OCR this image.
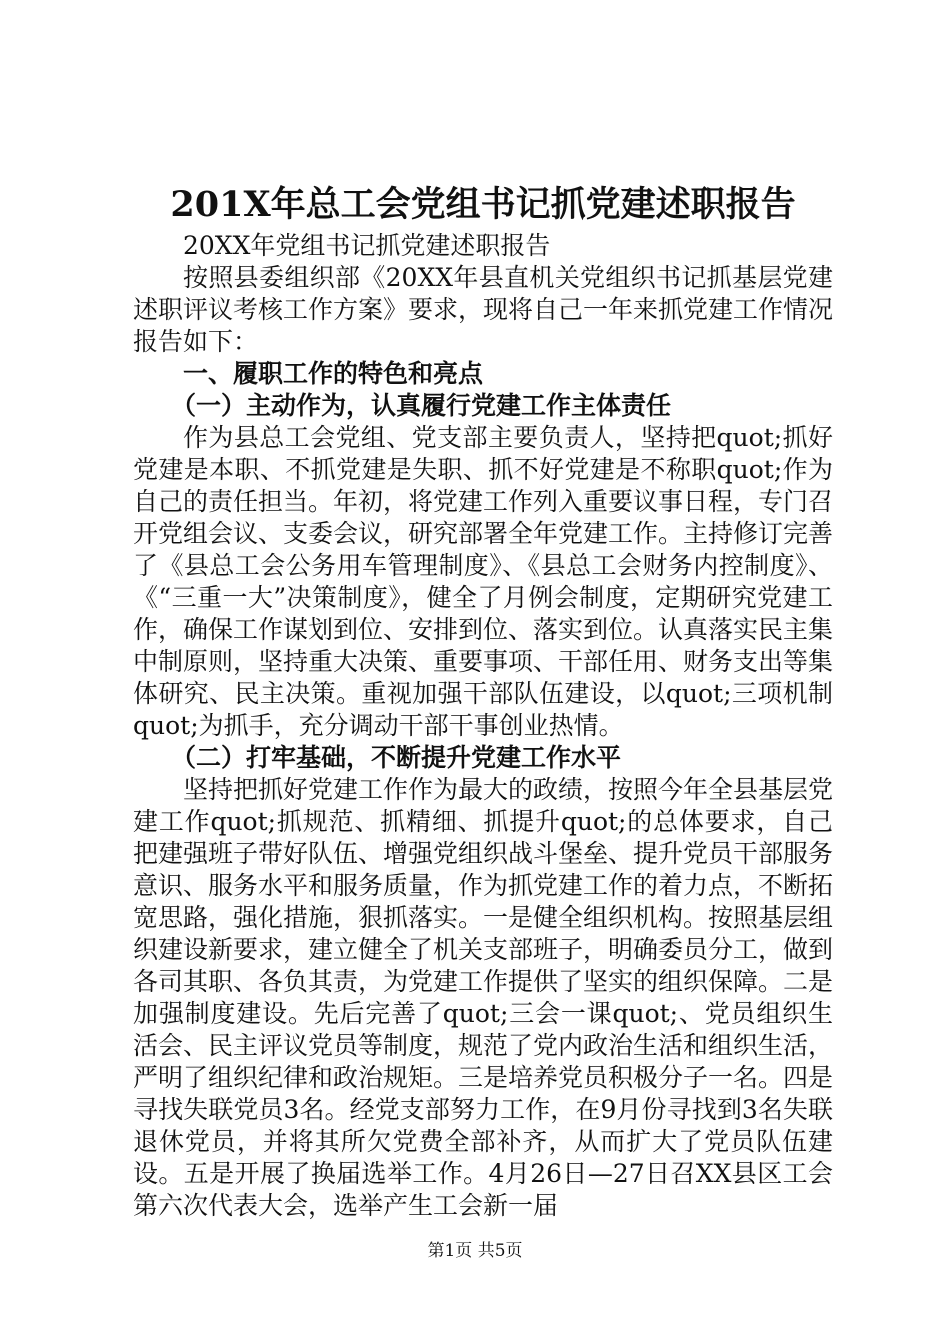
201X年总工会党组书记抓党建述职报告

20XX年党组书记抓党建述职报告

按照县委组织部《20XX年县直机关党组织书记抓基层党建述职评议考核工作方案》要求，现将自己一年来抓党建工作情况报告如下：

一、履职工作的特色和亮点

（一）主动作为，认真履行党建工作主体责任

作为县总工会党组、党支部主要负责人，坚持把quot;抓好党建是本职、不抓党建是失职、抓不好党建是不称职quot;作为自己的责任担当。年初，将党建工作列入重要议事日程，专门召开党组会议、支委会议，研究部署全年党建工作。主持修订完善了《县总工会公务用车管理制度》、《县总工会财务内控制度》、《“三重一大”决策制度》，健全了月例会制度，定期研究党建工作，确保工作谋划到位、安排到位、落实到位。认真落实民主集中制原则，坚持重大决策、重要事项、干部任用、财务支出等集体研究、民主决策。重视加强干部队伍建设，以quot;三项机制quot;为抓手，充分调动干部干事创业热情。

（二）打牢基础，不断提升党建工作水平

坚持把抓好党建工作作为最大的政绩，按照今年全县基层党建工作quot;抓规范、抓精细、抓提升quot;的总体要求，自己把建强班子带好队伍、增强党组织战斗堡垒、提升党员干部服务意识、服务水平和服务质量，作为抓党建工作的着力点，不断拓宽思路，强化措施，狠抓落实。一是健全组织机构。按照基层组织建设新要求，建立健全了机关支部班子，明确委员分工，做到各司其职、各负其责，为党建工作提供了坚实的组织保障。二是加强制度建设。先后完善了quot;三会一课quot;、党员组织生活会、民主评议党员等制度，规范了党内政治生活和组织生活，严明了组织纪律和政治规矩。三是培养党员积极分子一名。四是寻找失联党员3名。经党支部努力工作，在9月份寻找到3名失联退休党员，并将其所欠党费全部补齐，从而扩大了党员队伍建设。五是开展了换届选举工作。4月26日—27日召XX县区工会第六次代表大会，选举产生工会新一届

第1页 共5页
